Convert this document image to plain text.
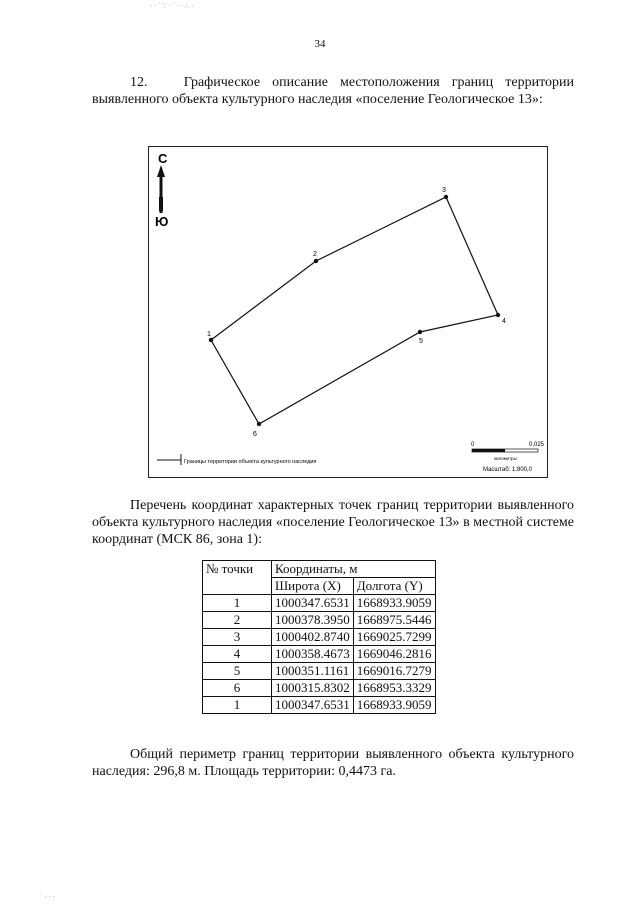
· · ˙ ∵ · ˙ · · ∴ ·
34

12.   Графическое описание местоположения границ территории выявленного объекта культурного наследия «поселение Геологическое 13»:

С
Ю
1
2
3
4
5
6
Границы территории объекта культурного наследия
0	0,025
километры
Масштаб: 1:800,0

Перечень координат характерных точек границ территории выявленного объекта культурного наследия «поселение Геологическое 13» в местной системе координат (МСК 86, зона 1):

№ точки	Координаты, м	
	Широта (X)	Долгота (Y)
1	1000347.6531	1668933.9059
2	1000378.3950	1668975.5446
3	1000402.8740	1669025.7299
4	1000358.4673	1669046.2816
5	1000351.1161	1669016.7279
6	1000315.8302	1668953.3329
1	1000347.6531	1668933.9059

Общий периметр границ территории выявленного объекта культурного наследия: 296,8 м. Площадь территории: 0,4473 га.

˙ · · ·
